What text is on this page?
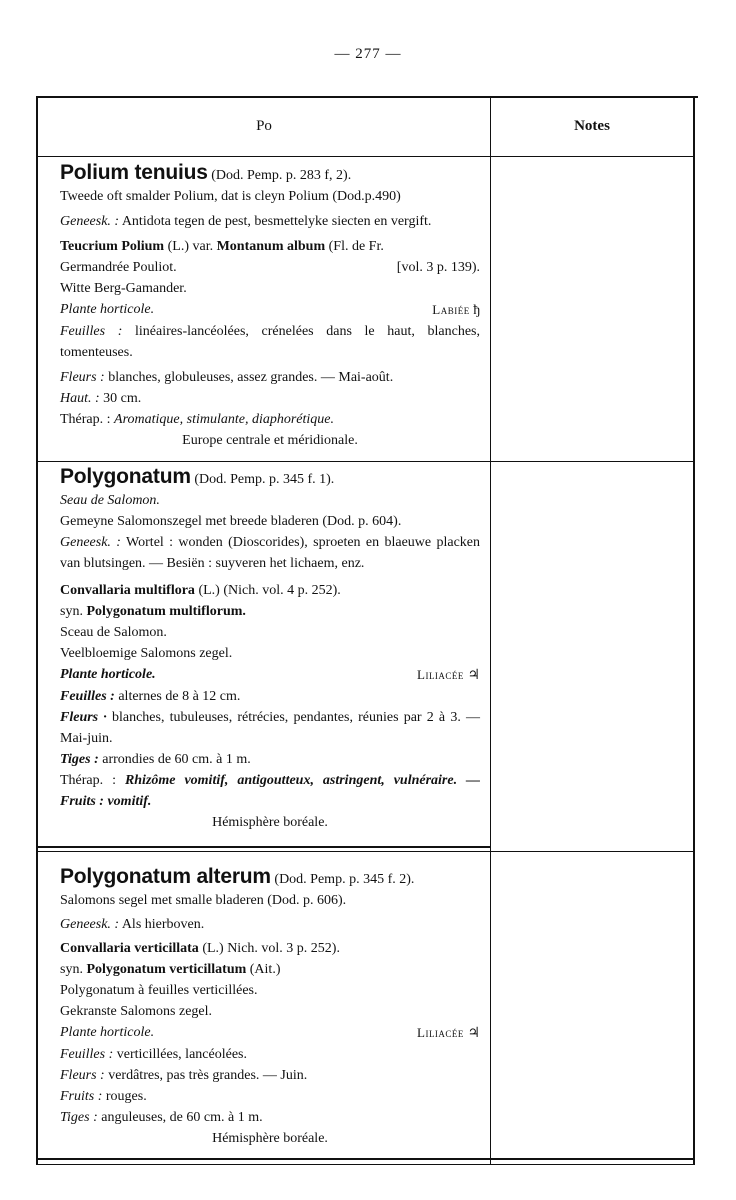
— 277 —
Po	Notes

Polium tenuius (Dod. Pemp. p. 283 f, 2).

Tweede oft smalder Polium, dat is cleyn Polium (Dod.p.490)

Geneesk. : Antidota tegen de pest, besmettelyke siecten en vergift.

Teucrium Polium (L.) var. Montanum album (Fl. de Fr.

Germandrée Pouliot.	[vol. 3 p. 139).

Witte Berg-Gamander.

Plante horticole.	Labiée ђ

Feuilles : linéaires-lancéolées, crénelées dans le haut, blanches, tomenteuses.

Fleurs : blanches, globuleuses, assez grandes. — Mai-août.

Haut. : 30 cm.

Thérap. : Aromatique, stimulante, diaphorétique.

Europe centrale et méridionale.

Polygonatum (Dod. Pemp. p. 345 f. 1).

Seau de Salomon.

Gemeyne Salomonszegel met breede bladeren (Dod. p. 604).

Geneesk. : Wortel : wonden (Dioscorides), sproeten en blaeuwe placken van blutsingen. — Besiën : suyveren het lichaem, enz.

Convallaria multiflora (L.) (Nich. vol. 4 p. 252).

syn. Polygonatum multiflorum.

Sceau de Salomon.

Veelbloemige Salomons zegel.

Plante horticole.	Liliacée ♃

Feuilles : alternes de 8 à 12 cm.

Fleurs · blanches, tubuleuses, rétrécies, pendantes, réunies par 2 à 3. — Mai-juin.

Tiges : arrondies de 60 cm. à 1 m.

Thérap. : Rhizôme vomitif, antigoutteux, astringent, vulnéraire. — Fruits : vomitif.

Hémisphère boréale.

Polygonatum alterum (Dod. Pemp. p. 345 f. 2).

Salomons segel met smalle bladeren (Dod. p. 606).

Geneesk. : Als hierboven.

Convallaria verticillata (L.) Nich. vol. 3 p. 252).

syn. Polygonatum verticillatum (Ait.)

Polygonatum à feuilles verticillées.

Gekranste Salomons zegel.

Plante horticole.	Liliacée ♃

Feuilles : verticillées, lancéolées.

Fleurs : verdâtres, pas très grandes. — Juin.

Fruits : rouges.

Tiges : anguleuses, de 60 cm. à 1 m.

Hémisphère boréale.
